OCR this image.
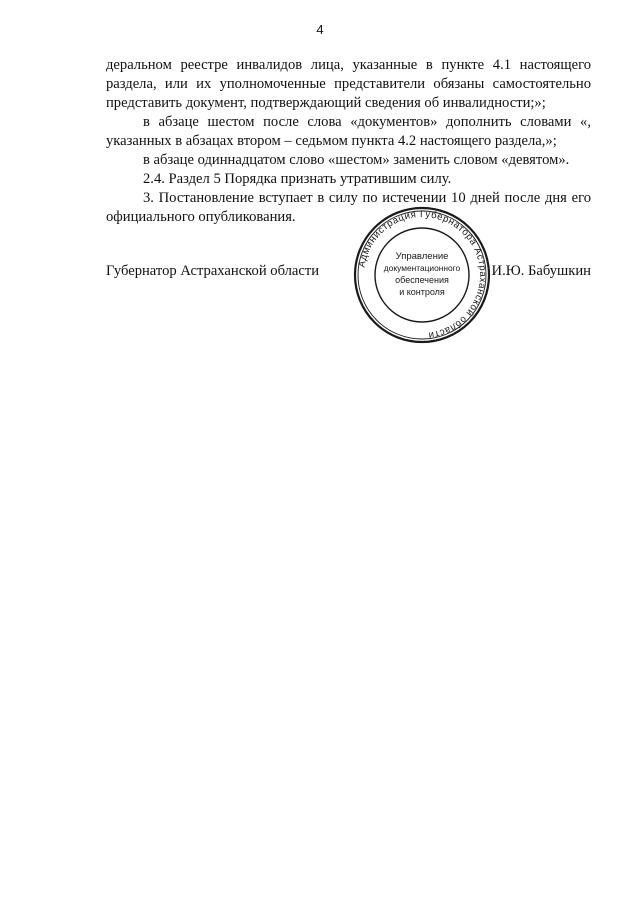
4

деральном реестре инвалидов лица, указанные в пункте 4.1 настоящего раздела, или их уполномоченные представители обязаны самостоятельно представить документ, подтверждающий сведения об инвалидности;»;

в абзаце шестом после слова «документов» дополнить словами «, указанных в абзацах втором – седьмом пункта 4.2 настоящего раздела,»;

в абзаце одиннадцатом слово «шестом» заменить словом «девятом».

2.4. Раздел 5 Порядка признать утратившим силу.

3. Постановление вступает в силу по истечении 10 дней после дня его официального опубликования.

Губернатор Астраханской области	И.Ю. Бабушкин
Администрация Губернатора Астраханской области
Управление
документационного
обеспечения
и контроля
